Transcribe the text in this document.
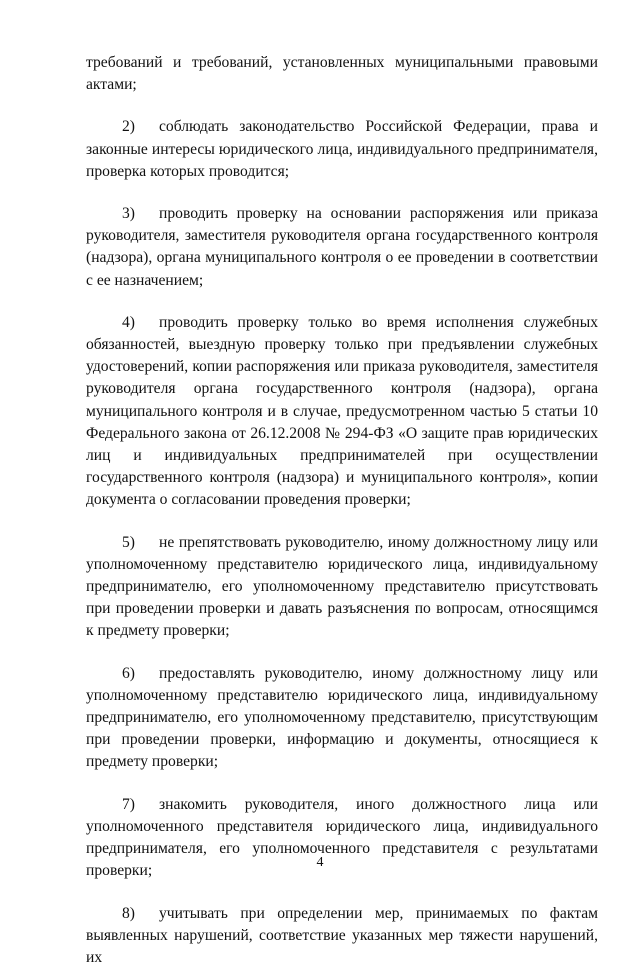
требований и требований, установленных муниципальными правовыми актами;

2) соблюдать законодательство Российской Федерации, права и законные интересы юридического лица, индивидуального предпринимателя, проверка которых проводится;

3) проводить проверку на основании распоряжения или приказа руководителя, заместителя руководителя органа государственного контроля (надзора), органа муниципального контроля о ее проведении в соответствии с ее назначением;

4) проводить проверку только во время исполнения служебных обязанностей, выездную проверку только при предъявлении служебных удостоверений, копии распоряжения или приказа руководителя, заместителя руководителя органа государственного контроля (надзора), органа муниципального контроля и в случае, предусмотренном частью 5 статьи 10 Федерального закона от 26.12.2008 № 294-ФЗ «О защите прав юридических лиц и индивидуальных предпринимателей при осуществлении государственного контроля (надзора) и муниципального контроля», копии документа о согласовании проведения проверки;

5) не препятствовать руководителю, иному должностному лицу или уполномоченному представителю юридического лица, индивидуальному предпринимателю, его уполномоченному представителю присутствовать при проведении проверки и давать разъяснения по вопросам, относящимся к предмету проверки;

6) предоставлять руководителю, иному должностному лицу или уполномоченному представителю юридического лица, индивидуальному предпринимателю, его уполномоченному представителю, присутствующим при проведении проверки, информацию и документы, относящиеся к предмету проверки;

7) знакомить руководителя, иного должностного лица или уполномоченного представителя юридического лица, индивидуального предпринимателя, его уполномоченного представителя с результатами проверки;

8) учитывать при определении мер, принимаемых по фактам выявленных нарушений, соответствие указанных мер тяжести нарушений, их

4
